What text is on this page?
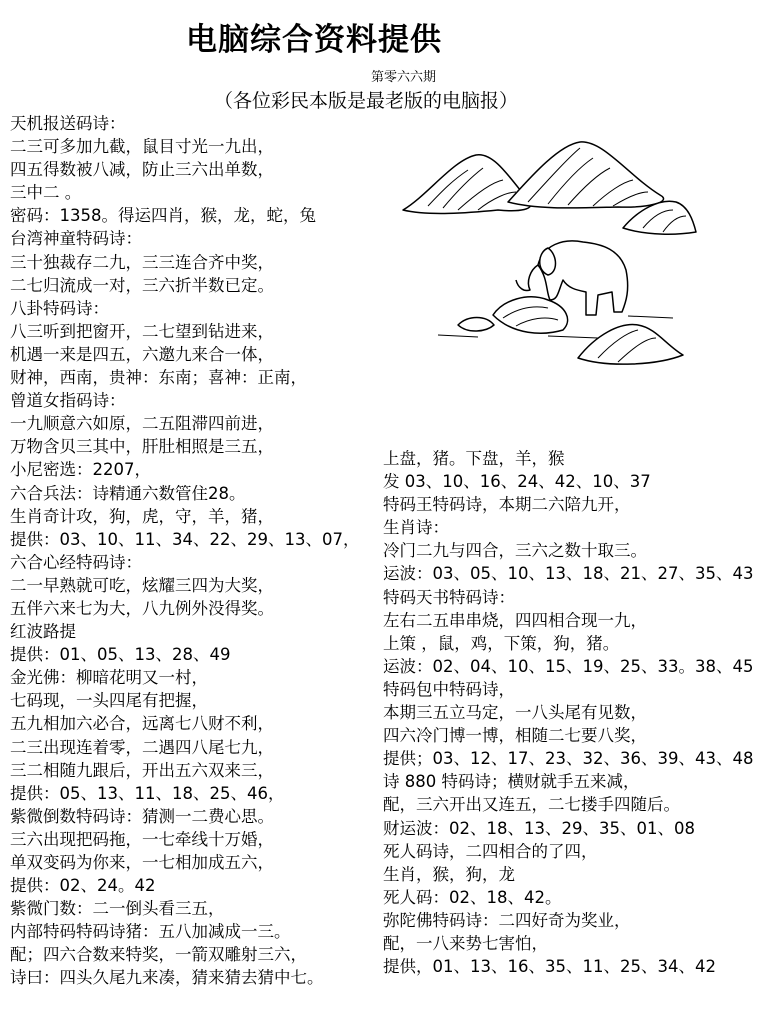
电脑综合资料提供
第零六六期
（各位彩民本版是最老版的电脑报）
天机报送码诗：
二三可多加九截，鼠目寸光一九出，
四五得数被八减，防止三六出单数，
三中二 。
密码：1358。得运四肖，猴，龙，蛇，兔
台湾神童特码诗：
三十独裁存二九，三三连合齐中奖，
二七归流成一对，三六折半数已定。
八卦特码诗：
八三听到把窗开，二七望到钻进来，
机遇一来是四五，六邀九来合一体，
财神，西南，贵神：东南；喜神：正南，
曾道女指码诗：
一九顺意六如原，二五阻滞四前进，
万物含贝三其中，肝肚相照是三五，
小尼密选：2207，
六合兵法：诗精通六数管住28。
生肖奇计攻，狗，虎，守，羊，猪，
提供：03、10、11、34、22、29、13、07，
六合心经特码诗：
二一早熟就可吃，炫耀三四为大奖，
五伴六来七为大，八九例外没得奖。
红波路提
提供：01、05、13、28、49
金光佛：柳暗花明又一村，
七码现，一头四尾有把握，
五九相加六必合，远离七八财不利，
二三出现连着零，二遇四八尾七九，
三二相随九跟后，开出五六双来三，
提供：05、13、11、18、25、46，
紫微倒数特码诗：猜测一二费心思。
三六出现把码拖，一七牵线十万婚，
单双变码为你来，一七相加成五六，
提供：02、24。42
紫微门数：二一倒头看三五，
内部特码特码诗猪：五八加减成一三。
配；四六合数来特奖，一箭双雕射三六，
诗曰：四头久尾九来凑，猜来猜去猜中七。
上盘，猪。下盘，羊，猴
发 03、10、16、24、42、10、37
特码王特码诗，本期二六陪九开，
生肖诗：
冷门二九与四合，三六之数十取三。
运波：03、05、10、13、18、21、27、35、43
特码天书特码诗：
左右二五串串烧，四四相合现一九，
上策 ，鼠，鸡，下策，狗，猪。
运波：02、04、10、15、19、25、33。38、45
特码包中特码诗，
本期三五立马定，一八头尾有见数，
四六冷门博一博，相随二七要八奖，
提供；03、12、17、23、32、36、39、43、48
诗 880 特码诗；横财就手五来减，
配，三六开出又连五，二七搂手四随后。
财运波：02、18、13、29、35、01、08
死人码诗，二四相合的了四，
生肖，猴，狗，龙
死人码：02、18、42。
弥陀佛特码诗：二四好奇为奖业，
配，一八来势七害怕，
提供，01、13、16、35、11、25、34、42
